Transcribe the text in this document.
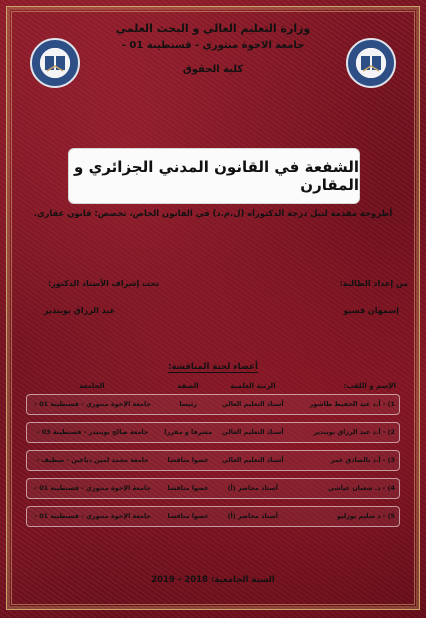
وزارة التعليم العالي و البحث العلمي
جامعة الاخوة منتوري - قسنطينة 01 -
كلية الحقوق
الشفعة في القانون المدني الجزائري و المقارن
أطروحة مقدمة لنيل درجة الدكتوراه (ل.م.د) في القانون الخاص، تخصص: قانون عقاري.
من إعداد الطالبة:
تحت إشراف الأستاذ الدكتور:
إسمهان قسيو
عبد الرزاق بوبندير
أعضاء لجنة المناقشة:
الإسم و اللقب:
الرتبة العلمية
الصفة
الجامعة
1) - أ.د عبد الحفيظ طاشور
أستاذ التعليم العالي
رئيسا
جامعة الإخوة منتوري - قسنطينة 01 -
2) - أ.د عبد الرزاق بوبندير
أستاذ التعليم العالي
مشرفا و مقررا
جامعة صالح بوبنيدر - قسنطينة 03 -
3) - أ.د بالصادق عمر
أستاذ التعليم العالي
عضوا مناقشا
جامعة محمد لمين دباغين - سطيف -
4) - د. شعبان عياشي
أستاذ محاضر (أ)
عضوا مناقشا
جامعة الإخوة منتوري - قسنطينة 01 -
5) - د سليم بوزليو
أستاذ محاضر (أ)
عضوا مناقشا
جامعة الإخوة منتوري - قسنطينة 01 -
السنة الجامعية: 2018 - 2019
